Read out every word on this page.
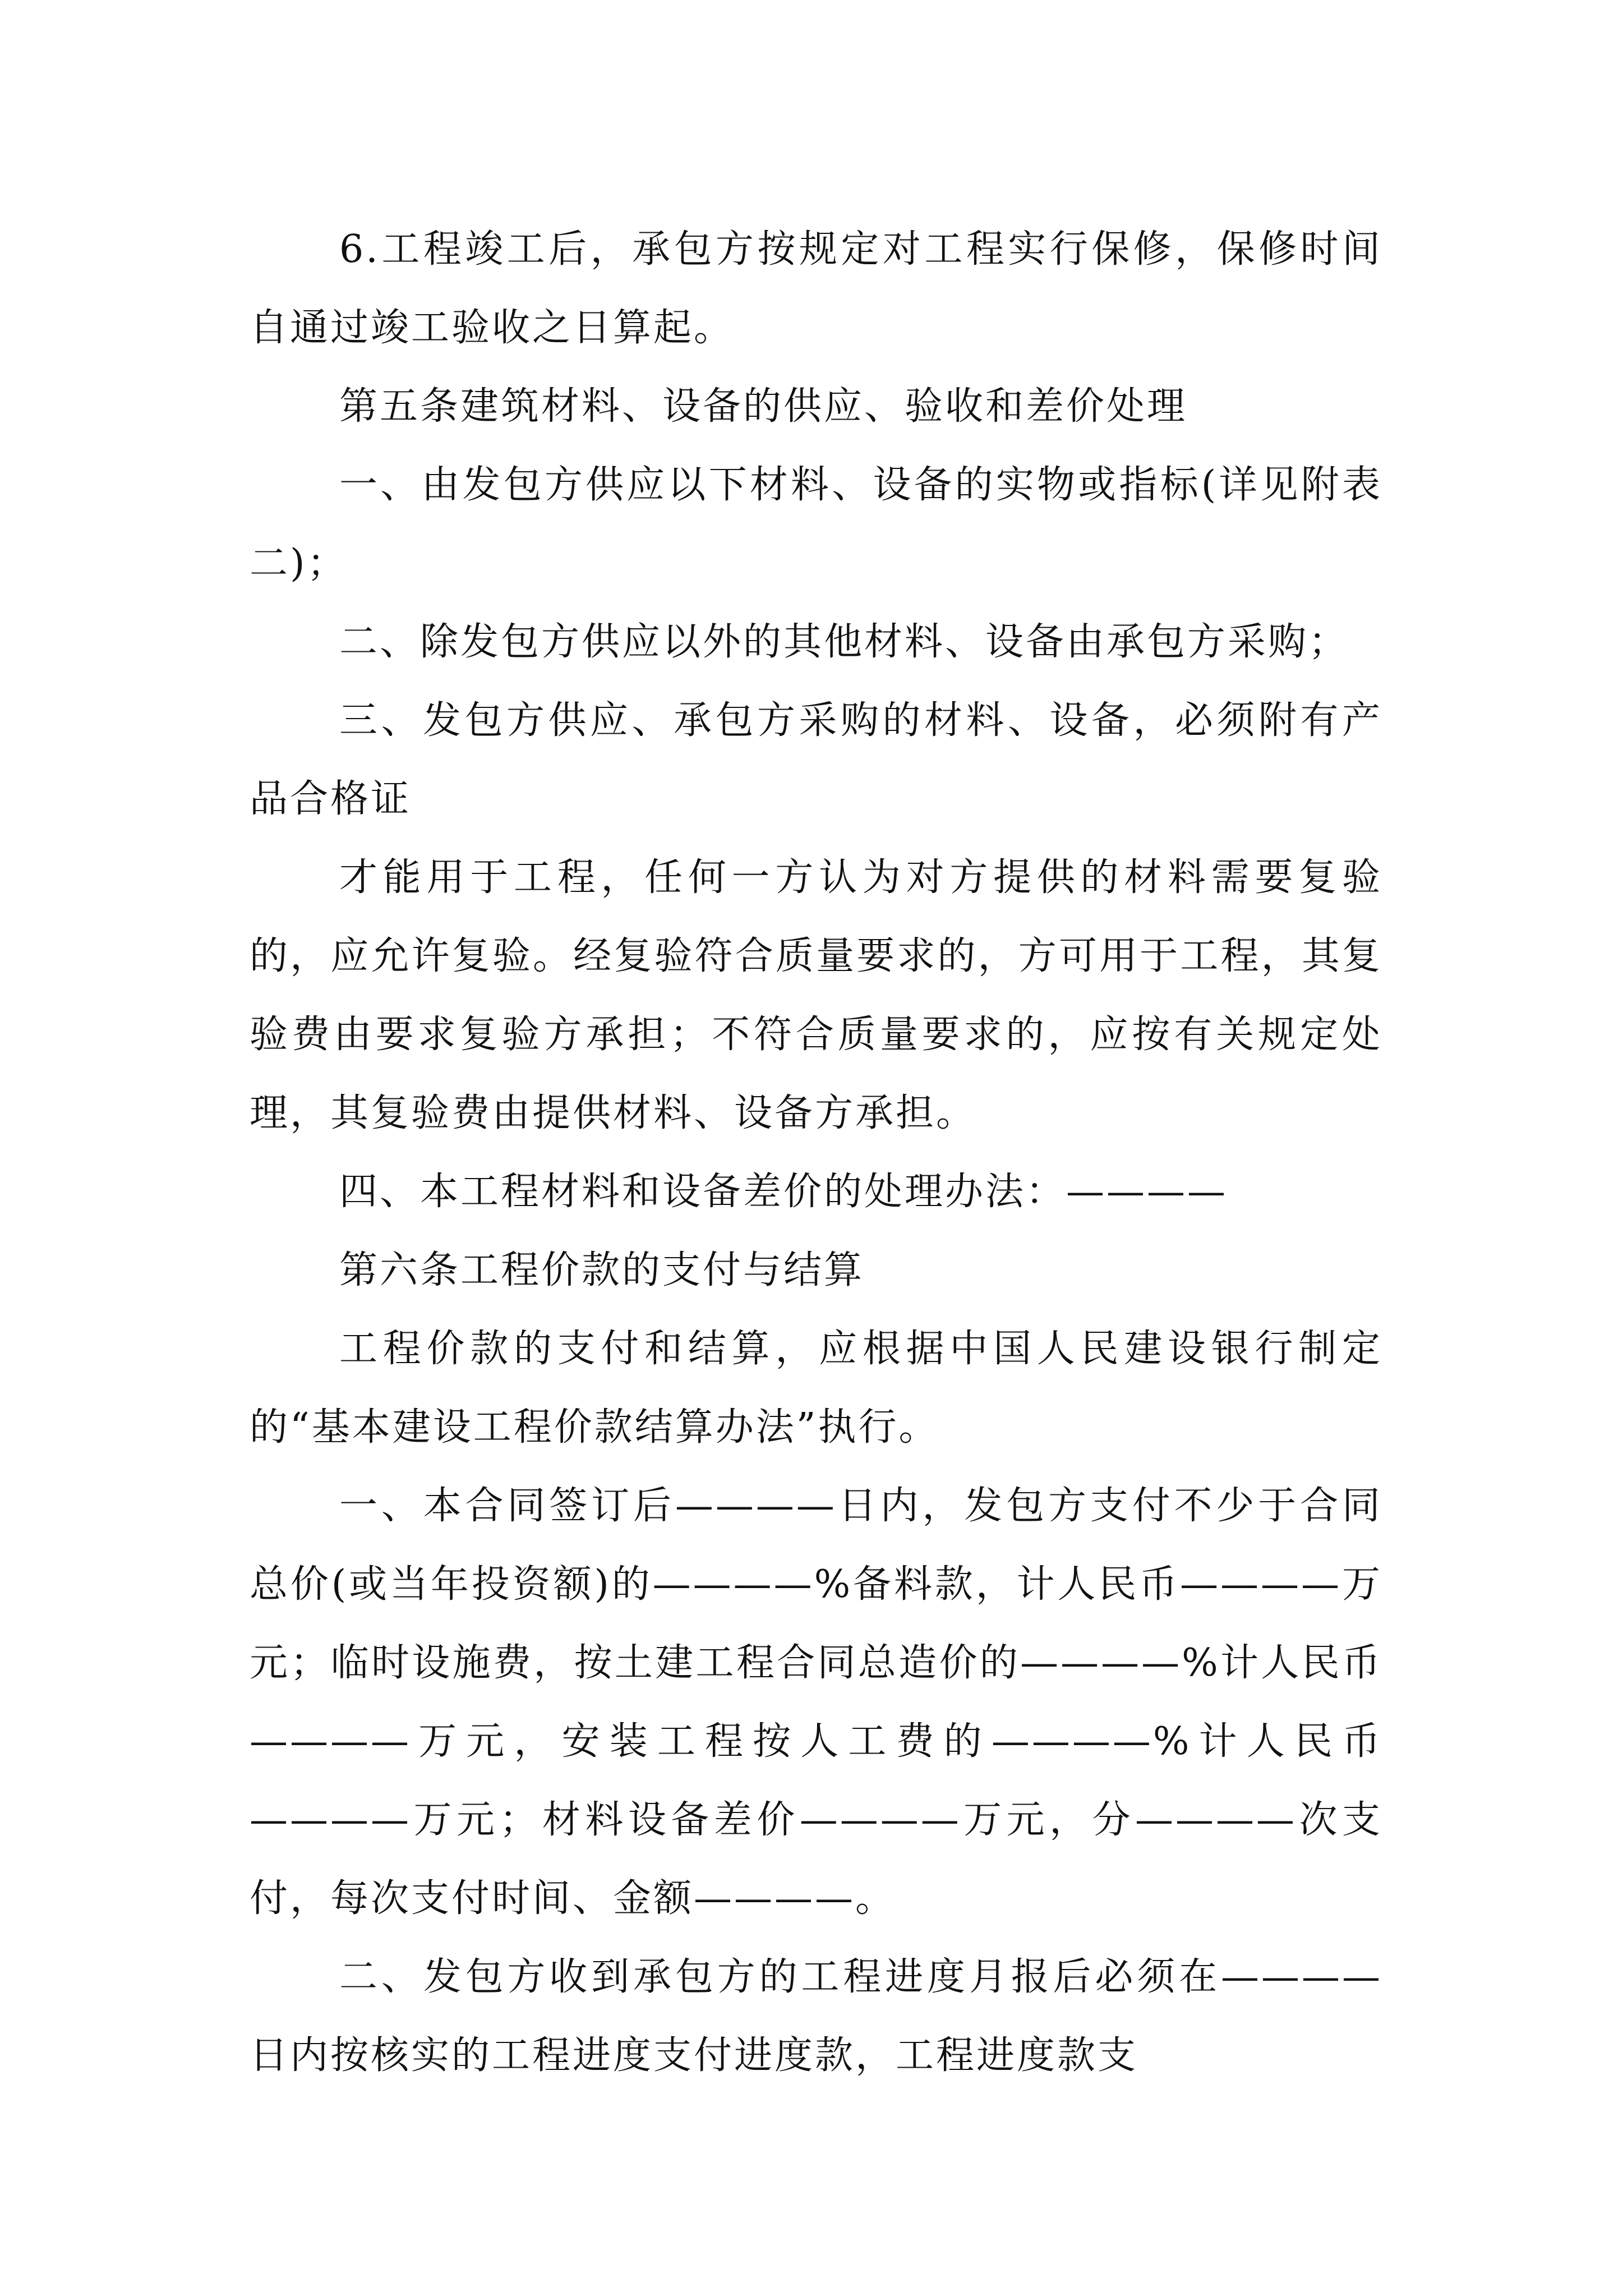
6.工程竣工后，承包方按规定对工程实行保修，保修时间自通过竣工验收之日算起。

第五条建筑材料、设备的供应、验收和差价处理

一、由发包方供应以下材料、设备的实物或指标(详见附表二)；

二、除发包方供应以外的其他材料、设备由承包方采购；

三、发包方供应、承包方采购的材料、设备，必须附有产品合格证

才能用于工程，任何一方认为对方提供的材料需要复验的，应允许复验。经复验符合质量要求的，方可用于工程，其复验费由要求复验方承担；不符合质量要求的，应按有关规定处理，其复验费由提供材料、设备方承担。

四、本工程材料和设备差价的处理办法：————

第六条工程价款的支付与结算

工程价款的支付和结算，应根据中国人民建设银行制定的“基本建设工程价款结算办法”执行。

一、本合同签订后————日内，发包方支付不少于合同总价(或当年投资额)的————%备料款，计人民币————万元；临时设施费，按土建工程合同总造价的————%计人民币————万元，安装工程按人工费的————%计人民币————万元；材料设备差价————万元，分————次支付，每次支付时间、金额————。

二、发包方收到承包方的工程进度月报后必须在————日内按核实的工程进度支付进度款，工程进度款支
